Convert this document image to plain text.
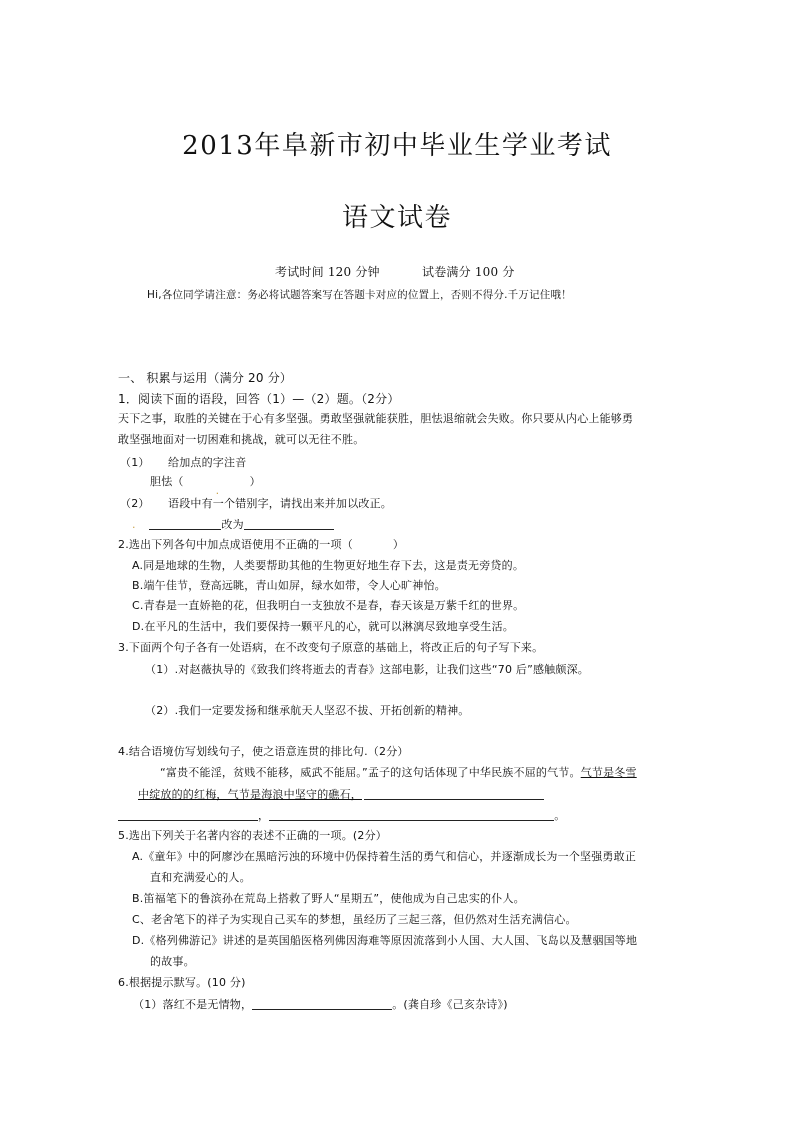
2013年阜新市初中毕业生学业考试
语文试卷
考试时间 120 分钟	试卷满分 100 分
Hi,各位同学请注意：务必将试题答案写在答题卡对应的位置上，否则不得分.千万记住哦！
一、 积累与运用（满分 20 分）
1．阅读下面的语段，回答（1）—（2）题。（2分）
天下之事，取胜的关键在于心有多坚强。勇敢坚强就能获胜，胆怯退缩就会失败。你只要从内心上能够勇
敢坚强地面对一切困难和挑战，就可以无往不胜。
（1） 给加点的字注音
胆怯（
.
）
（2） 语段中有一个错别字，请找出来并加以改正。
.	改为
2.选出下列各句中加点成语使用不正确的一项（	）
A.同是地球的生物，人类要帮助其他的生物更好地生存下去，这是责无旁贷的。
B.端午佳节，登高远眺，青山如屏，绿水如带，令人心旷神怡。
C.青春是一直娇艳的花，但我明白一支独放不是春，春天该是万紫千红的世界。
D.在平凡的生活中，我们要保持一颗平凡的心，就可以淋漓尽致地享受生活。
3.下面两个句子各有一处语病，在不改变句子原意的基础上，将改正后的句子写下来。
（1）.对赵薇执导的《致我们终将逝去的青春》这部电影，让我们这些“70 后”感触颇深。
（2）.我们一定要发扬和继承航天人坚忍不拔、开拓创新的精神。
4.结合语境仿写划线句子，使之语意连贯的排比句.（2分）
“富贵不能淫，贫贱不能移，威武不能屈。”孟子的这句话体现了中华民族不屈的气节。气节是冬雪
中绽放的的红梅，气节是海浪中坚守的礁石，
，	。
5.选出下列关于名著内容的表述不正确的一项。(2分）
A.《童年》中的阿廖沙在黑暗污浊的环境中仍保持着生活的勇气和信心，并逐渐成长为一个坚强勇敢正
直和充满爱心的人。
B.笛福笔下的鲁滨孙在荒岛上搭救了野人“星期五”，使他成为自己忠实的仆人。
C、老舍笔下的祥子为实现自己买车的梦想，虽经历了三起三落，但仍然对生活充满信心。
D.《格列佛游记》讲述的是英国船医格列佛因海难等原因流落到小人国、大人国、飞岛以及慧骃国等地
的故事。
6.根据提示默写。(10 分)
（1）落红不是无情物，	。(龚自珍《己亥杂诗》)
